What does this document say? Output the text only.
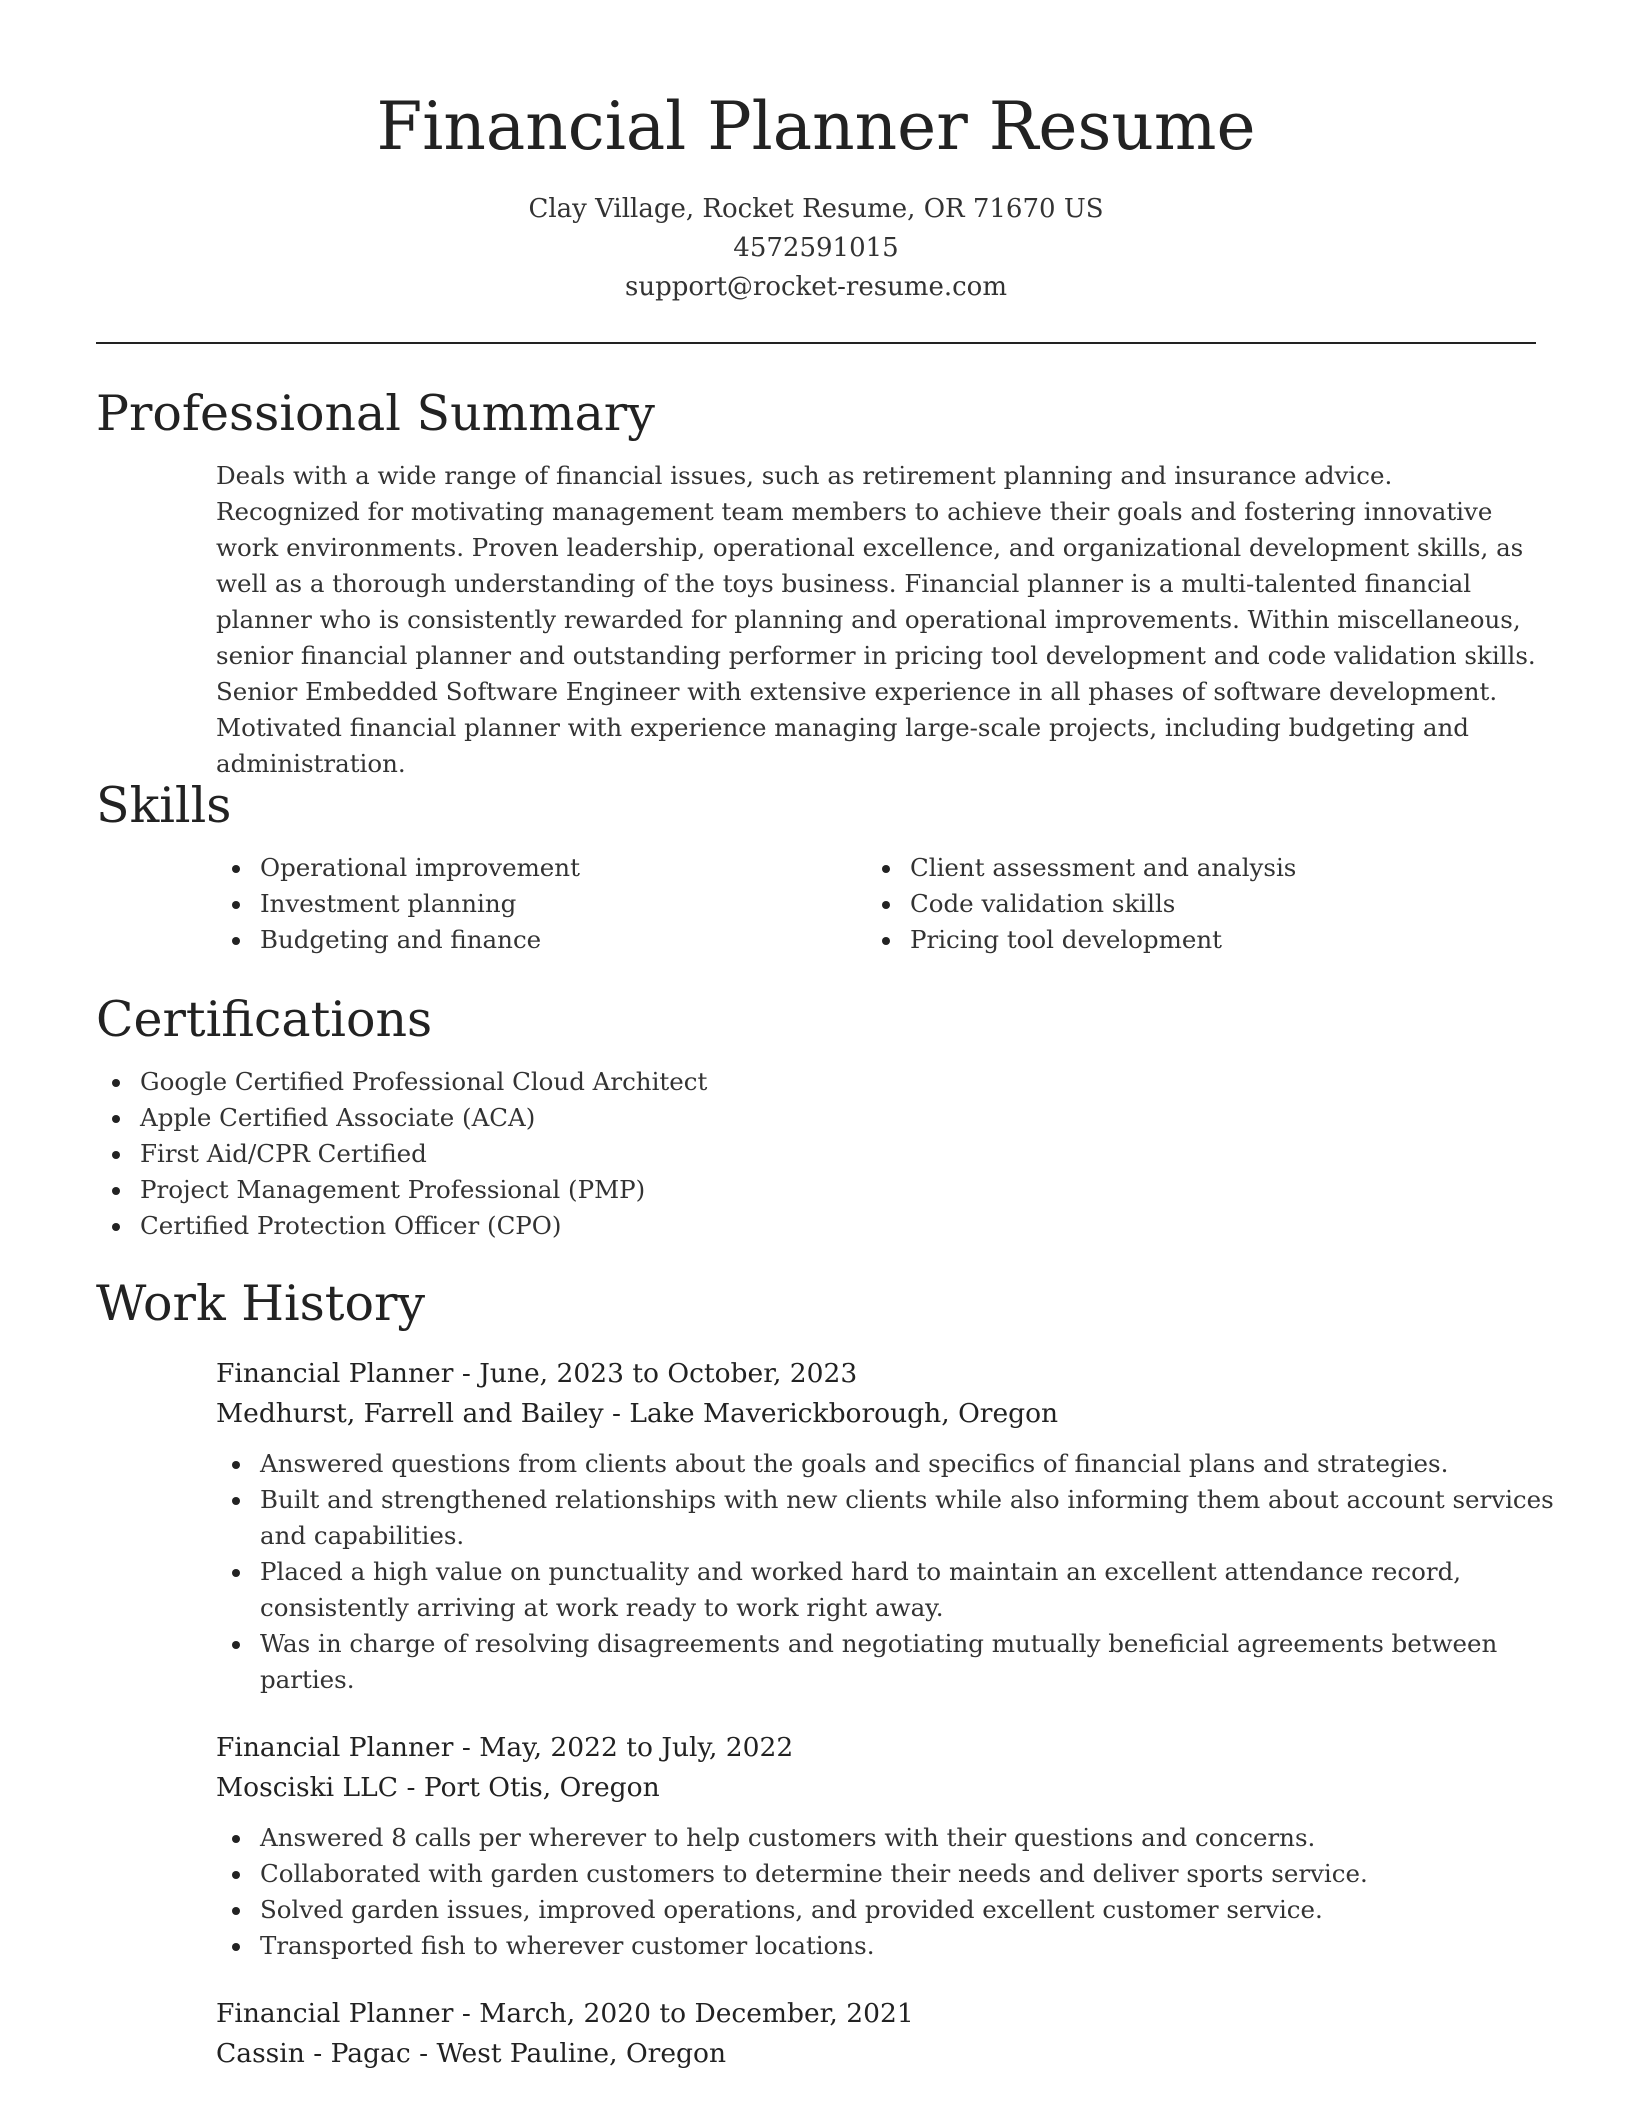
Financial Planner Resume
Clay Village, Rocket Resume, OR 71670 US
4572591015
support@rocket-resume.com
Professional Summary

Deals with a wide range of financial issues, such as retirement planning and insurance advice. Recognized for motivating management team members to achieve their goals and fostering innovative work environments. Proven leadership, operational excellence, and organizational development skills, as well as a thorough understanding of the toys business. Financial planner is a multi-talented financial planner who is consistently rewarded for planning and operational improvements. Within miscellaneous, senior financial planner and outstanding performer in pricing tool development and code validation skills. Senior Embedded Software Engineer with extensive experience in all phases of software development. Motivated financial planner with experience managing large-scale projects, including budgeting and administration.

Skills
Operational improvement
Investment planning
Budgeting and finance
Client assessment and analysis
Code validation skills
Pricing tool development
Certifications
Google Certified Professional Cloud Architect
Apple Certified Associate (ACA)
First Aid/CPR Certified
Project Management Professional (PMP)
Certified Protection Officer (CPO)
Work History

Financial Planner - June, 2023 to October, 2023

Medhurst, Farrell and Bailey - Lake Maverickborough, Oregon

Answered questions from clients about the goals and specifics of financial plans and strategies.
Built and strengthened relationships with new clients while also informing them about account services and capabilities.
Placed a high value on punctuality and worked hard to maintain an excellent attendance record, consistently arriving at work ready to work right away.
Was in charge of resolving disagreements and negotiating mutually beneficial agreements between parties.

Financial Planner - May, 2022 to July, 2022

Mosciski LLC - Port Otis, Oregon

Answered 8 calls per wherever to help customers with their questions and concerns.
Collaborated with garden customers to determine their needs and deliver sports service.
Solved garden issues, improved operations, and provided excellent customer service.
Transported fish to wherever customer locations.

Financial Planner - March, 2020 to December, 2021

Cassin - Pagac - West Pauline, Oregon
